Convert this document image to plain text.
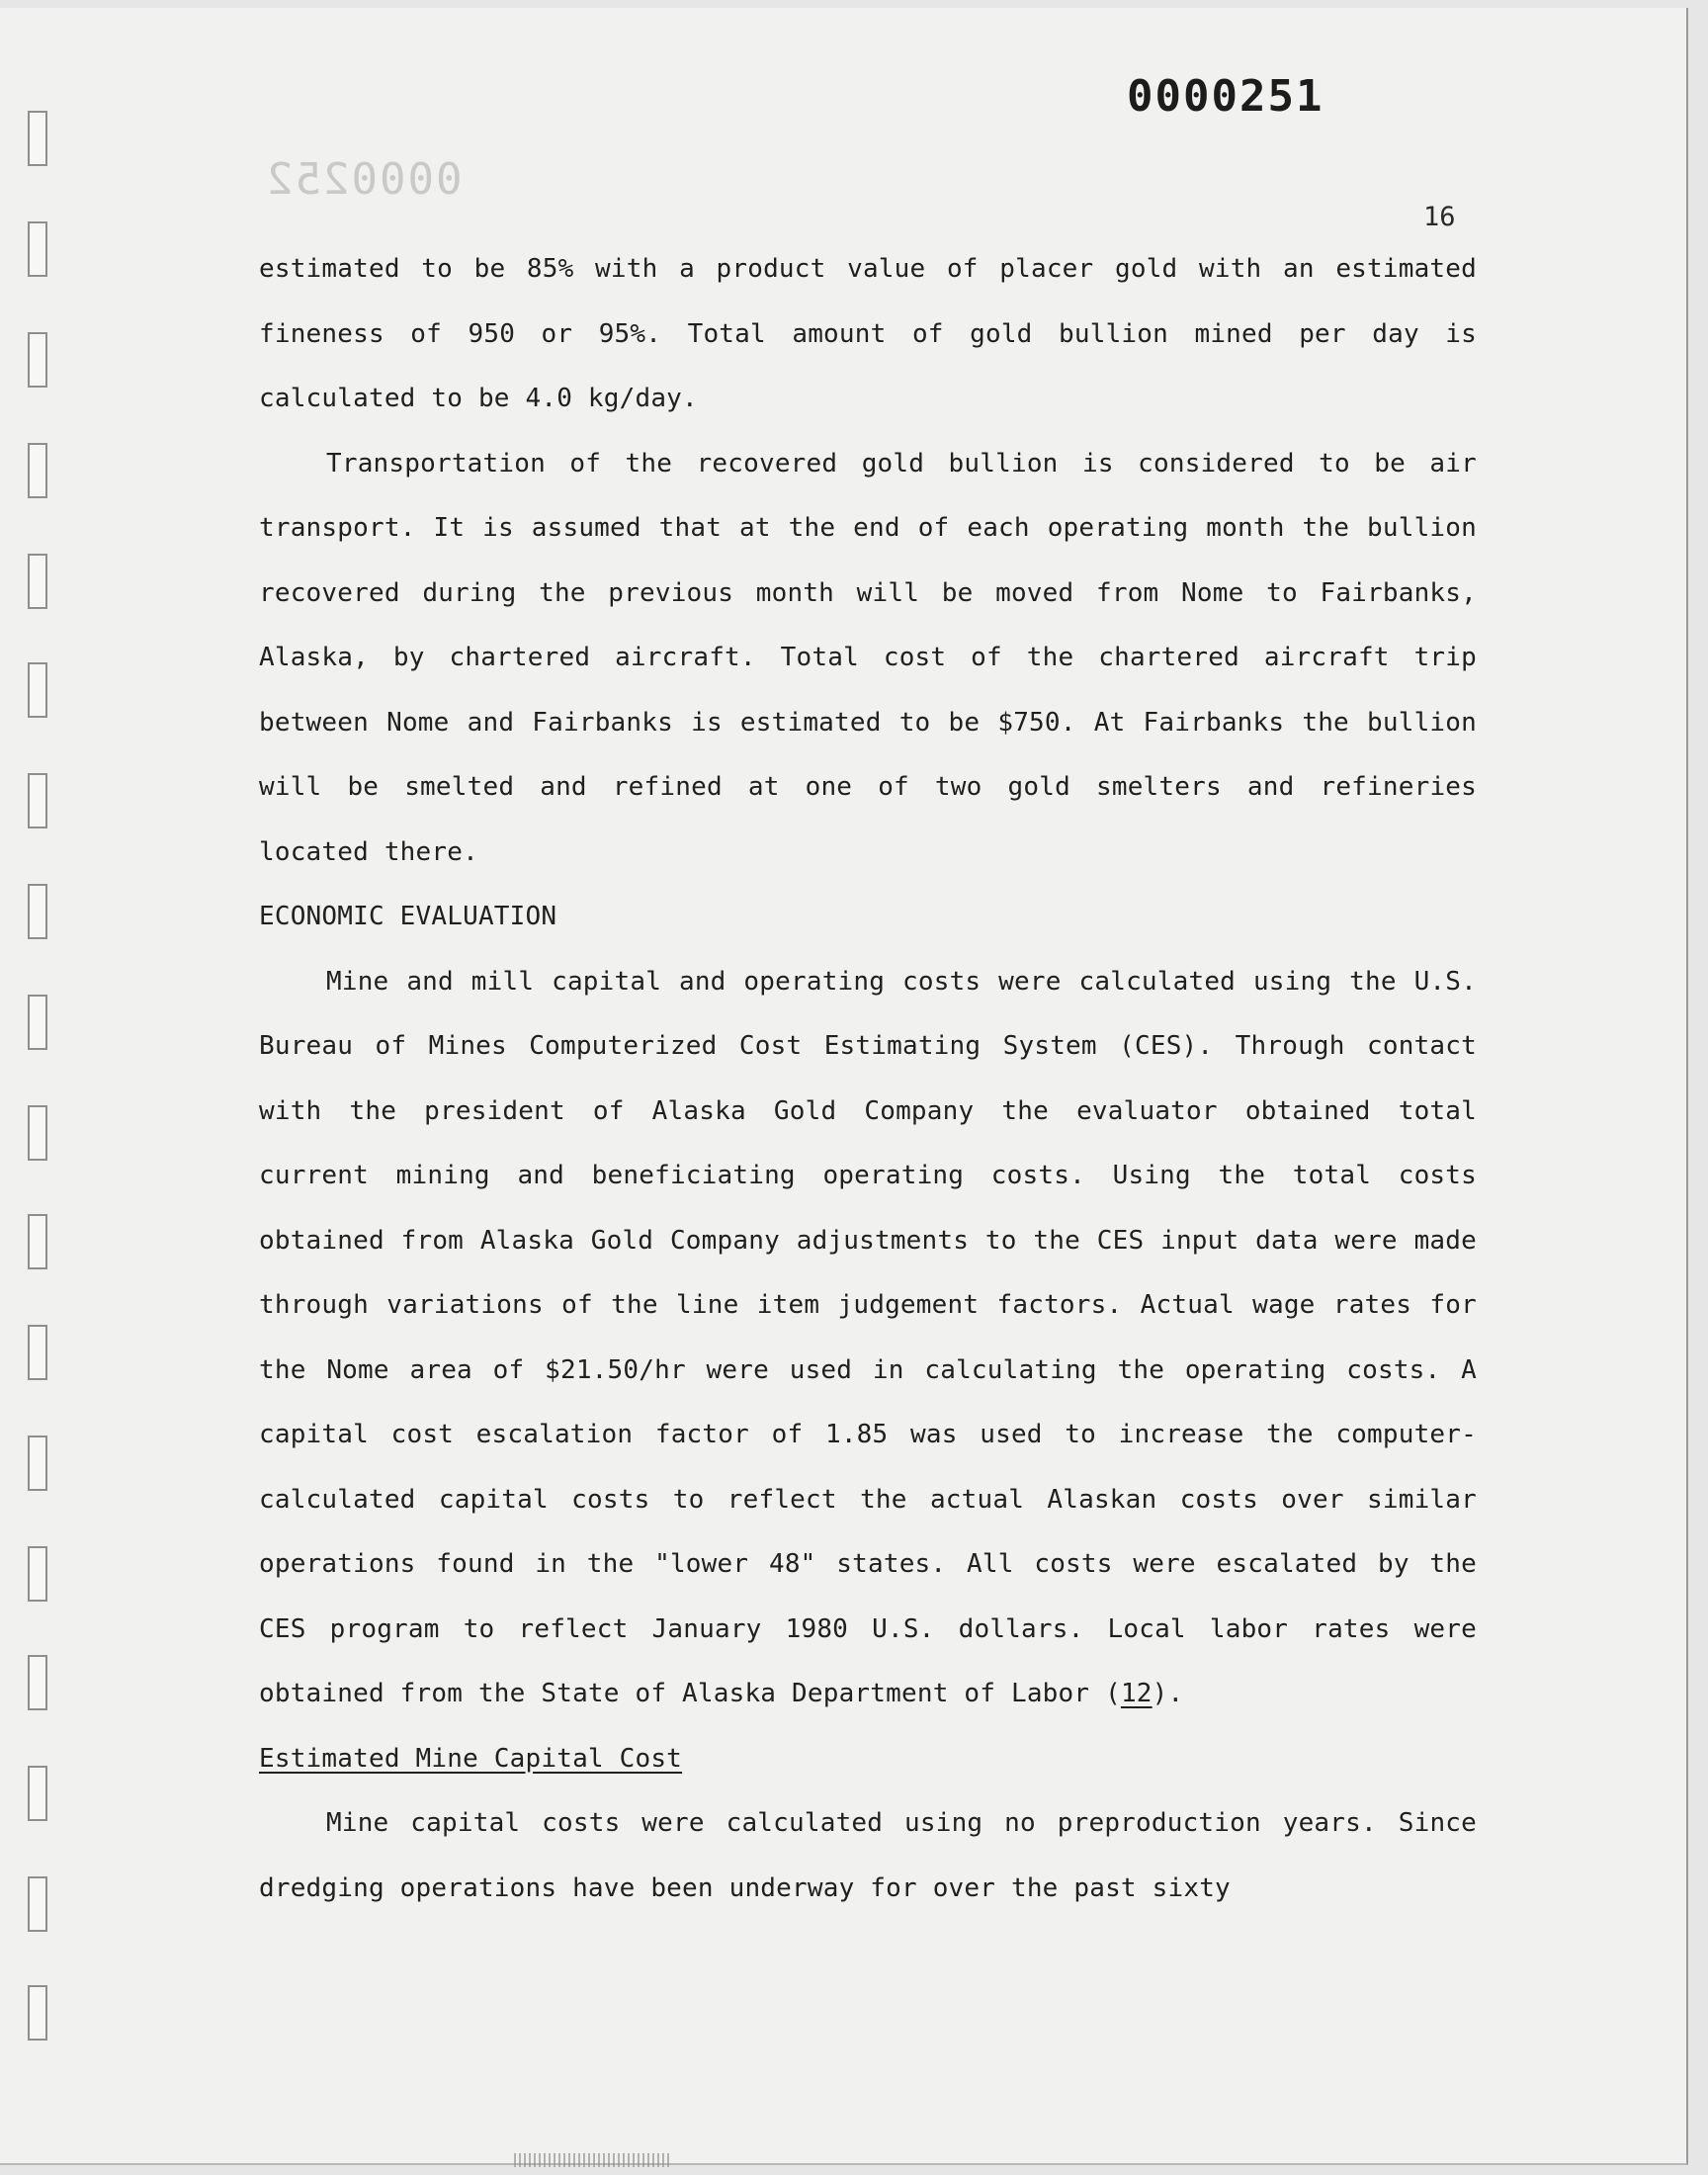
0000251
0000252
16

estimated to be 85% with a product value of placer gold with an estimated fineness of 950 or 95%. Total amount of gold bullion mined per day is calculated to be 4.0 kg/day.

Transportation of the recovered gold bullion is considered to be air transport. It is assumed that at the end of each operating month the bullion recovered during the previous month will be moved from Nome to Fairbanks, Alaska, by chartered aircraft. Total cost of the chartered aircraft trip between Nome and Fairbanks is estimated to be $750. At Fairbanks the bullion will be smelted and refined at one of two gold smelters and refineries located there.

ECONOMIC EVALUATION

Mine and mill capital and operating costs were calculated using the U.S. Bureau of Mines Computerized Cost Estimating System (CES). Through contact with the president of Alaska Gold Company the evaluator obtained total current mining and beneficiating operating costs. Using the total costs obtained from Alaska Gold Company adjustments to the CES input data were made through variations of the line item judgement factors. Actual wage rates for the Nome area of $21.50/hr were used in calculating the operating costs. A capital cost escalation factor of 1.85 was used to increase the computer-calculated capital costs to reflect the actual Alaskan costs over similar operations found in the "lower 48" states. All costs were escalated by the CES program to reflect January 1980 U.S. dollars. Local labor rates were obtained from the State of Alaska Department of Labor (12).

Estimated Mine Capital Cost

Mine capital costs were calculated using no preproduction years. Since dredging operations have been underway for over the past sixty
